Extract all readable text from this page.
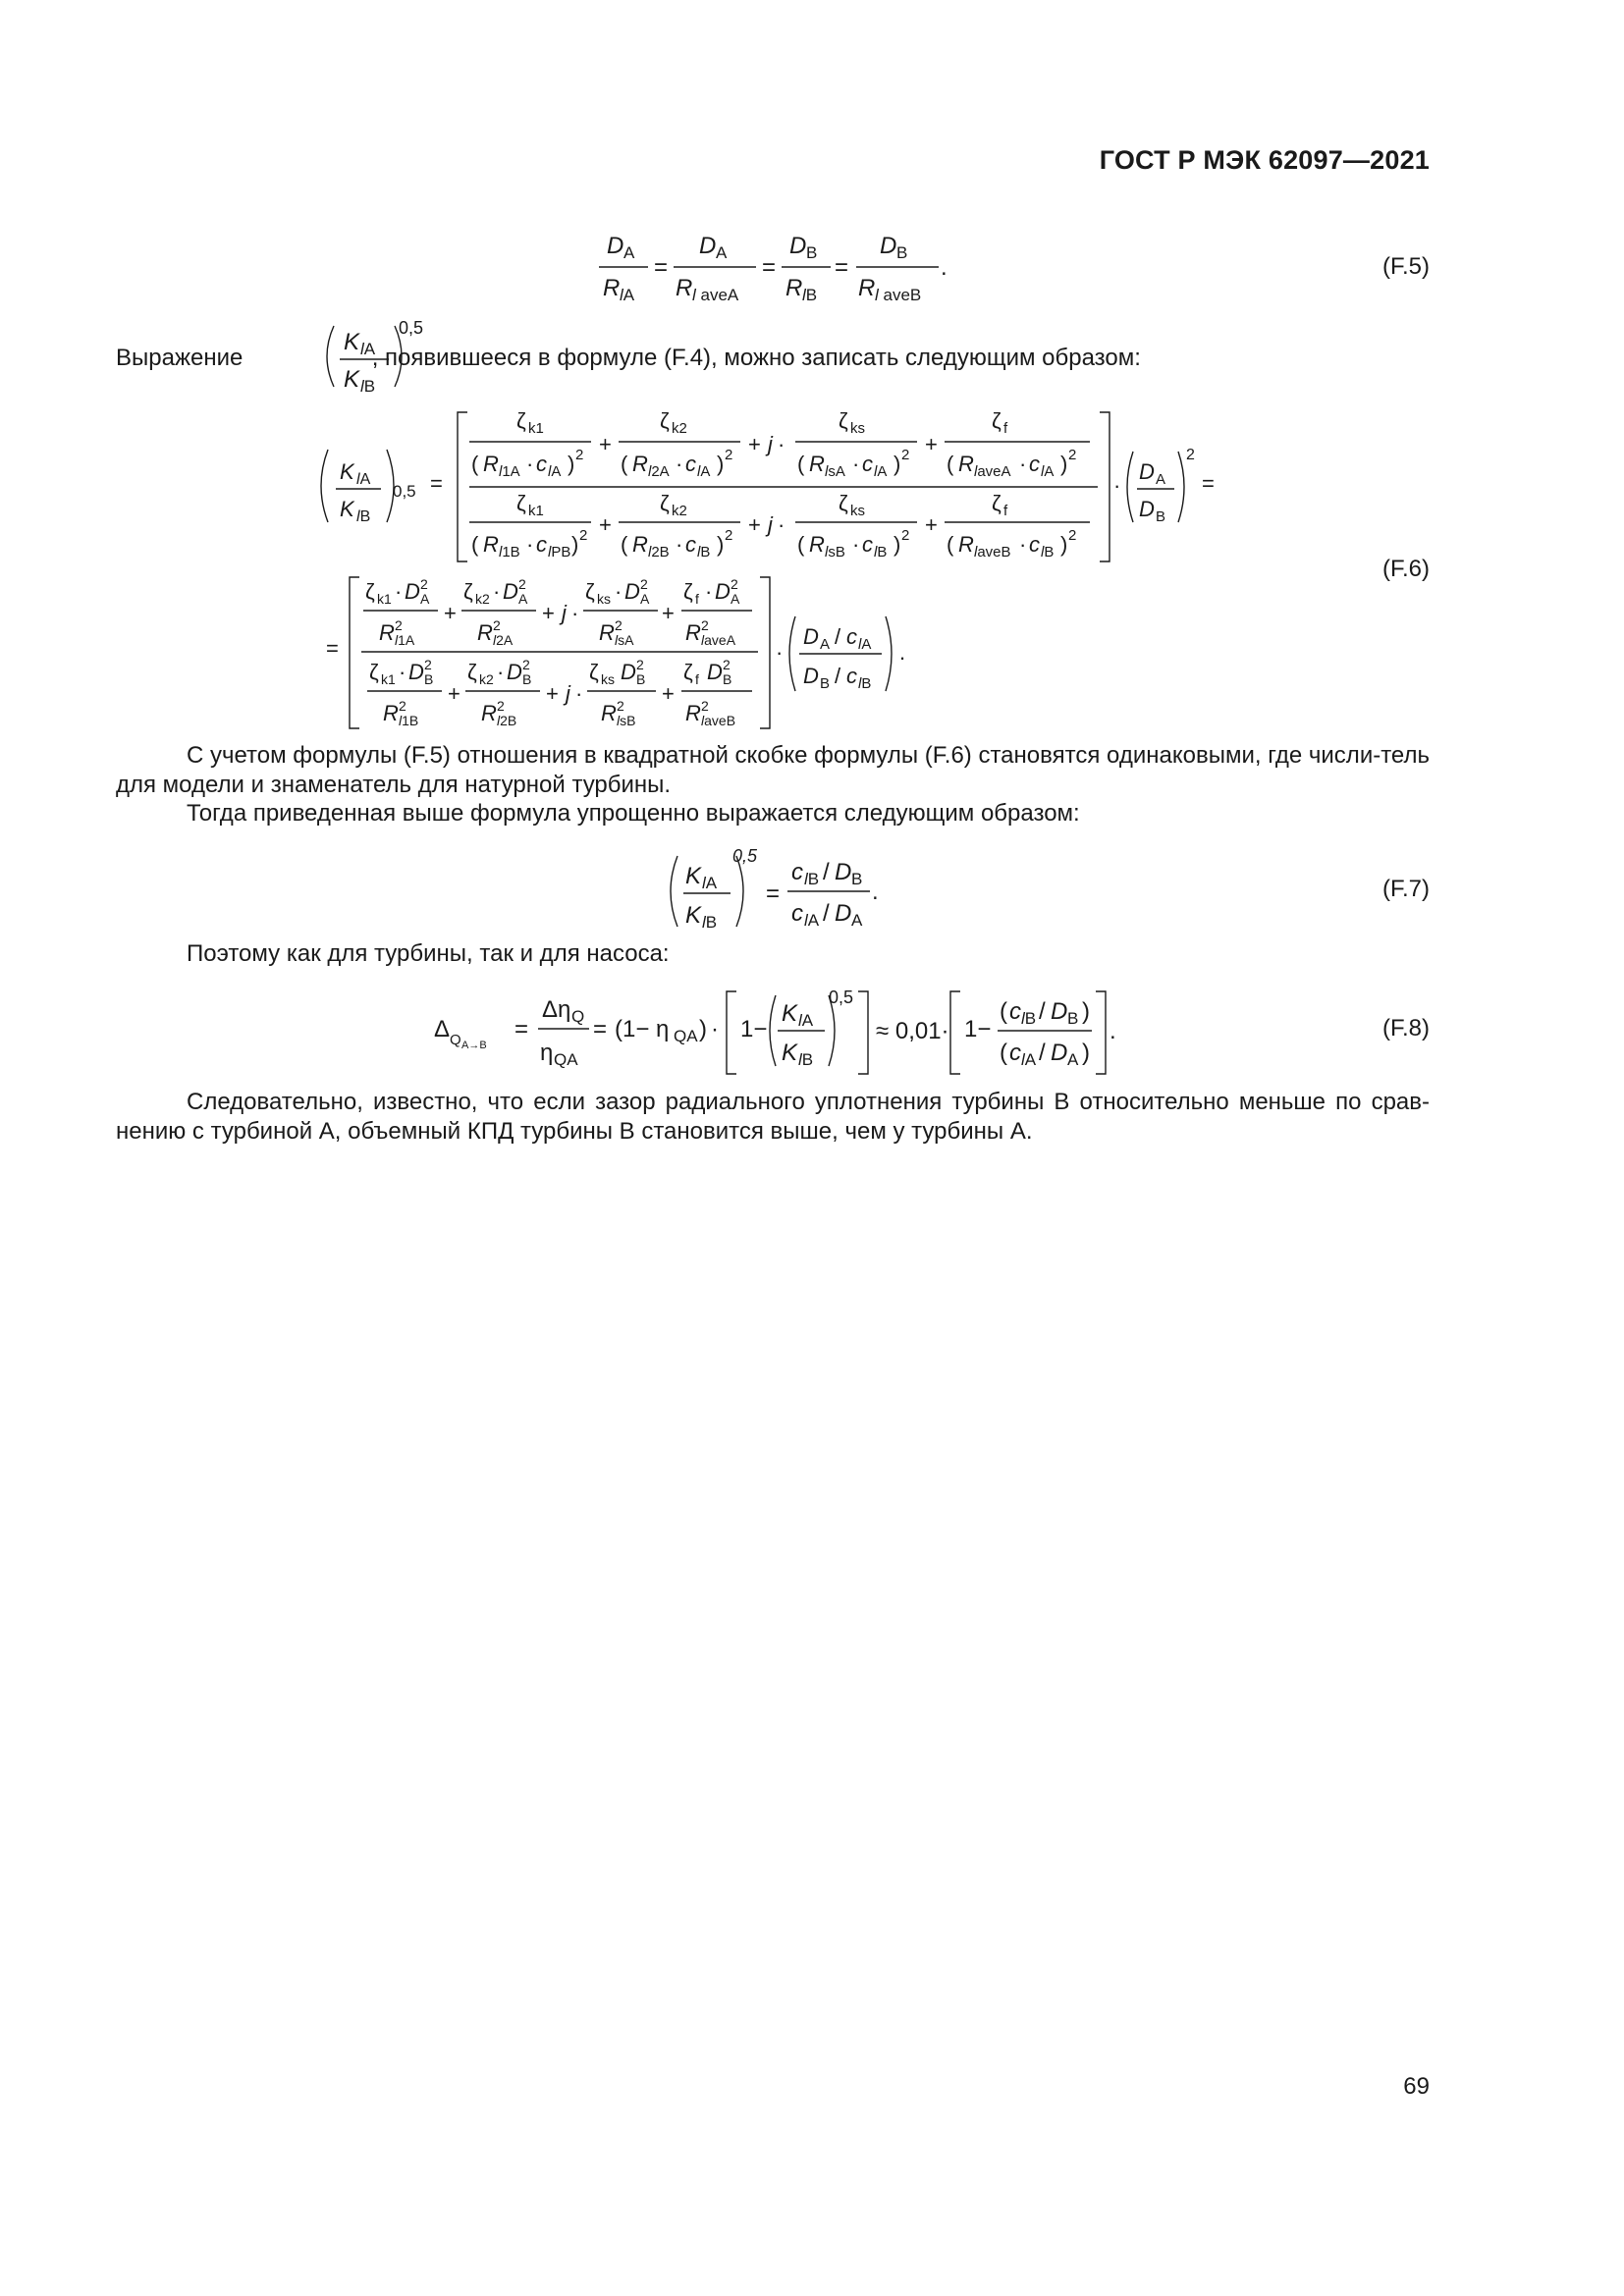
ГОСТ Р МЭК 62097—2021
D A
R lA
=
D A
R l aveA
=
D B
R lB
=
D B
R l aveB
.	(F.5)
Выражение	, появившееся в формуле (F.4), можно записать следующим образом:
K lA
K lB
0,5
K lA
K lB
0,5 =
ζ k1
( R l1A · c lA ) 2 +
ζ k2
( R l2A · c lA ) 2 + j ·
ζ ks
( R lsA · c lA ) 2 +
ζ f
( R laveA · c lA ) 2
ζ k1
( R l1B · c lPB ) 2 +
ζ k2
( R l2B · c lB ) 2 + j ·
ζ ks
( R lsB · c lB ) 2 +
ζ f
( R laveB · c lB ) 2
·
D A
D B
2
=
=
ζ k1 · D A
2
R l1A
2 +
ζ k2 · D A
2
R l2A
2 + j ·
ζ ks · D A
2
R lsA
2 +
ζ f · D A
2
R laveA
2
ζ k1 · D B
2
R l1B
2 +
ζ k2 · D B
2
R l2B
2 + j ·
ζ ks D B
2
R lsB
2 +
ζ f D B
2
R laveB
2
·
D A / c lA
D B / c lB
.
(F.6)
С учетом формулы (F.5) отношения в квадратной скобке формулы (F.6) становятся одинаковыми, где числи-тель для модели и знаменатель для натурной турбины.
Тогда приведенная выше формула упрощенно выражается следующим образом:
K lA
K lB
0,5
=
c lB / D B
c lA / D A
.	(F.7)
Поэтому как для турбины, так и для насоса:
Δ Q A→B
=
Δη Q
η QA
= (1− η QA ) · 1−
K lA
K lB
0,5
≈ 0,01· 1−
( c lB / D B )
( c lA / D A )
.	(F.8)
Следовательно, известно, что если зазор радиального уплотнения турбины B относительно меньше по срав-нению с турбиной A, объемный КПД турбины B становится выше, чем у турбины A.
69
